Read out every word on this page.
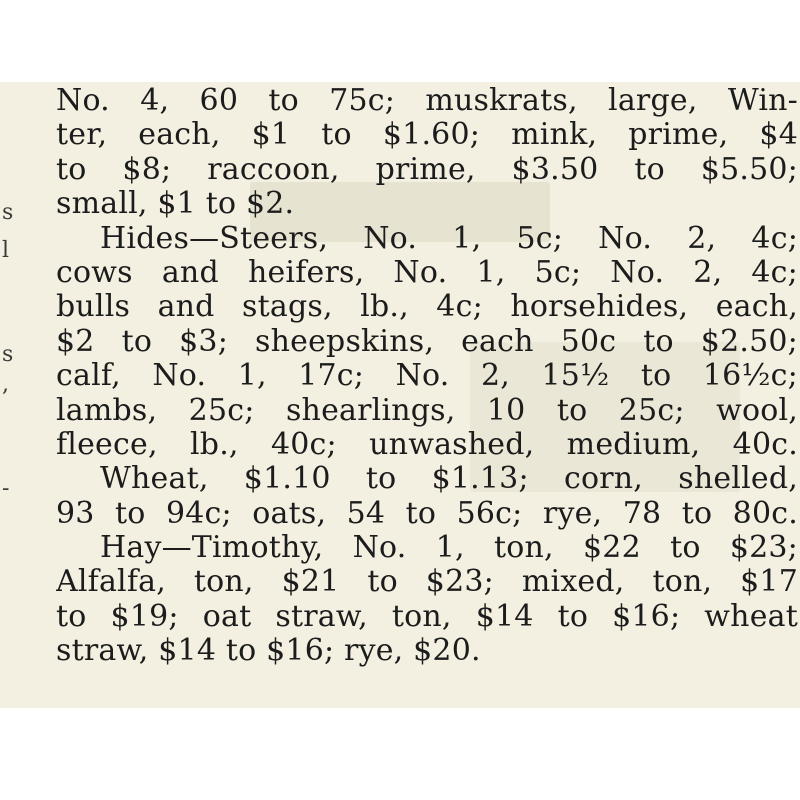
s
l
s
,
-
No. 4, 60 to 75c; muskrats, large, Win-
ter, each, $1 to $1.60; mink, prime, $4
to $8; raccoon, prime, $3.50 to $5.50;
small, $1 to $2.
Hides—Steers, No. 1, 5c; No. 2, 4c;
cows and heifers, No. 1, 5c; No. 2, 4c;
bulls and stags, lb., 4c; horsehides, each,
$2 to $3; sheepskins, each 50c to $2.50;
calf, No. 1, 17c; No. 2, 15½ to 16½c;
lambs, 25c; shearlings, 10 to 25c; wool,
fleece, lb., 40c; unwashed, medium, 40c.
Wheat, $1.10 to $1.13; corn, shelled,
93 to 94c; oats, 54 to 56c; rye, 78 to 80c.
Hay—Timothy, No. 1, ton, $22 to $23;
Alfalfa, ton, $21 to $23; mixed, ton, $17
to $19; oat straw, ton, $14 to $16; wheat
straw, $14 to $16; rye, $20.
